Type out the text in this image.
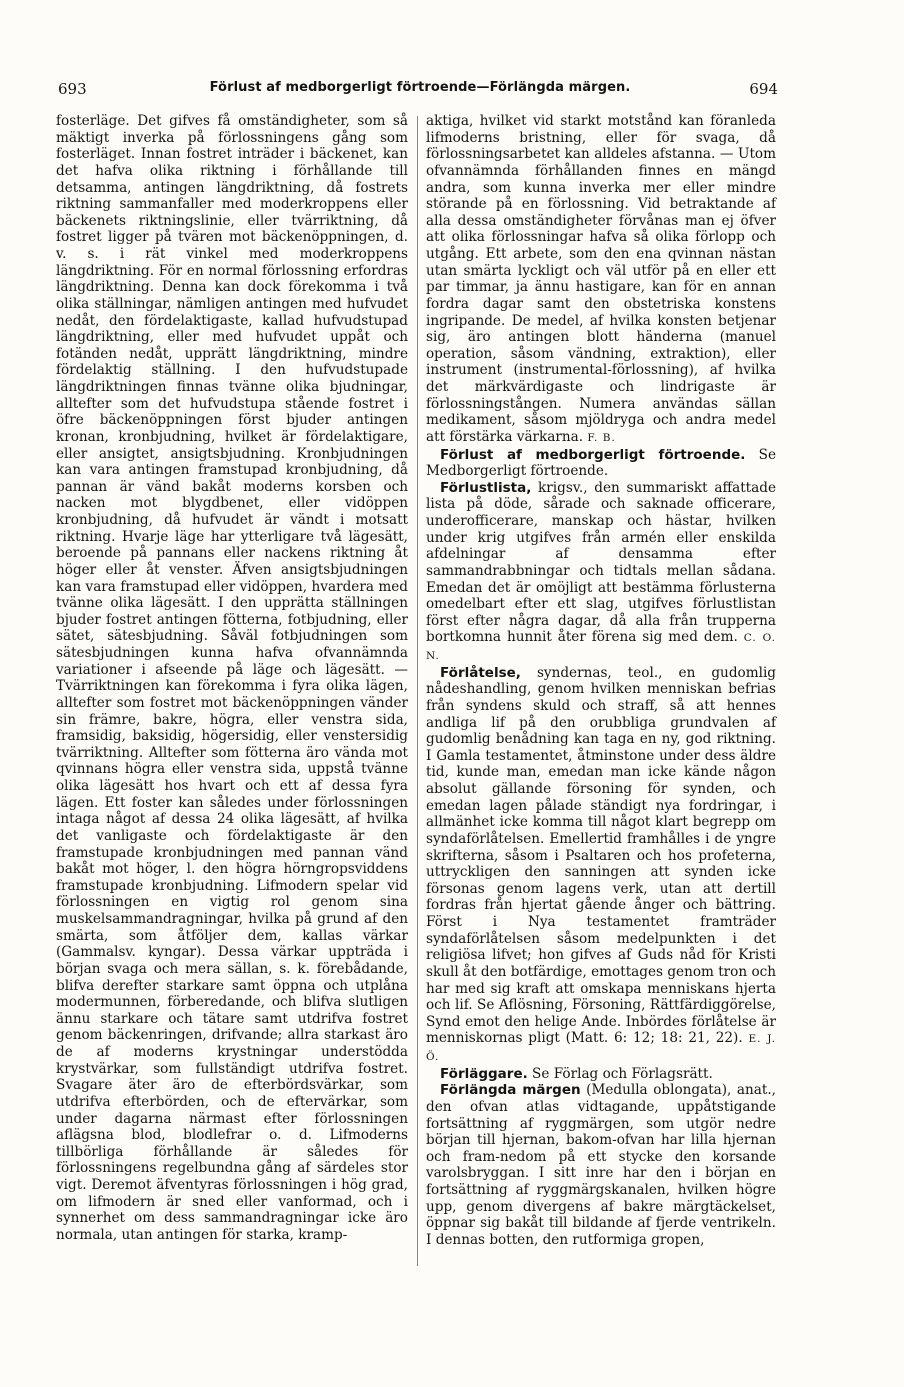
693	Förlust af medborgerligt förtroende—Förlängda märgen.	694

fosterläge. Det gifves få omständigheter, som så mäktigt inverka på förlossningens gång som fosterläget. Innan fostret inträder i bäckenet, kan det hafva olika riktning i förhållande till detsamma, antingen längdriktning, då fostrets riktning sammanfaller med moderkroppens eller bäckenets riktningslinie, eller tvärriktning, då fostret ligger på tvären mot bäckenöppningen, d. v. s. i rät vinkel med moderkroppens längdriktning. För en normal förlossning erfordras längdriktning. Denna kan dock förekomma i två olika ställningar, nämligen antingen med hufvudet nedåt, den fördelaktigaste, kallad hufvudstupad längdriktning, eller med hufvudet uppåt och fotänden nedåt, upprätt längdriktning, mindre fördelaktig ställning. I den hufvudstupade längdriktningen finnas tvänne olika bjudningar, alltefter som det hufvudstupa stående fostret i öfre bäckenöppningen först bjuder antingen kronan, kronbjudning, hvilket är fördelaktigare, eller ansigtet, ansigtsbjudning. Kronbjudningen kan vara antingen framstupad kronbjudning, då pannan är vänd bakåt moderns korsben och nacken mot blygdbenet, eller vidöppen kronbjudning, då hufvudet är vändt i motsatt riktning. Hvarje läge har ytterligare två lägesätt, beroende på pannans eller nackens riktning åt höger eller åt venster. Äfven ansigtsbjudningen kan vara framstupad eller vidöppen, hvardera med tvänne olika lägesätt. I den upprätta ställningen bjuder fostret antingen fötterna, fotbjudning, eller sätet, sätesbjudning. Såväl fotbjudningen som sätesbjudningen kunna hafva ofvannämnda variationer i afseende på läge och lägesätt. — Tvärriktningen kan förekomma i fyra olika lägen, alltefter som fostret mot bäckenöppningen vänder sin främre, bakre, högra, eller venstra sida, framsidig, baksidig, högersidig, eller venstersidig tvärriktning. Alltefter som fötterna äro vända mot qvinnans högra eller venstra sida, uppstå tvänne olika lägesätt hos hvart och ett af dessa fyra lägen. Ett foster kan således under förlossningen intaga något af dessa 24 olika lägesätt, af hvilka det vanligaste och fördelaktigaste är den framstupade kronbjudningen med pannan vänd bakåt mot höger, l. den högra hörngropsviddens framstupade kronbjudning. Lifmodern spelar vid förlossningen en vigtig rol genom sina muskelsammandragningar, hvilka på grund af den smärta, som åtföljer dem, kallas värkar (Gammalsv. kyngar). Dessa värkar uppträda i början svaga och mera sällan, s. k. förebådande, blifva derefter starkare samt öppna och utplåna modermunnen, förberedande, och blifva slutligen ännu starkare och tätare samt utdrifva fostret genom bäckenringen, drifvande; allra starkast äro de af moderns krystningar understödda krystvärkar, som fullständigt utdrifva fostret. Svagare äter äro de efterbördsvärkar, som utdrifva efterbörden, och de eftervärkar, som under dagarna närmast efter förlossningen aflägsna blod, blodlefrar o. d. Lifmoderns tillbörliga förhållande är således för förlossningens regelbundna gång af särdeles stor vigt. Deremot äfventyras förlossningen i hög grad, om lifmodern är sned eller vanformad, och i synnerhet om dess sammandragningar icke äro normala, utan antingen för starka, kramp-

aktiga, hvilket vid starkt motstånd kan föranleda lifmoderns bristning, eller för svaga, då förlossningsarbetet kan alldeles afstanna. — Utom ofvannämnda förhållanden finnes en mängd andra, som kunna inverka mer eller mindre störande på en förlossning. Vid betraktande af alla dessa omständigheter förvånas man ej öfver att olika förlossningar hafva så olika förlopp och utgång. Ett arbete, som den ena qvinnan nästan utan smärta lyckligt och väl utför på en eller ett par timmar, ja ännu hastigare, kan för en annan fordra dagar samt den obstetriska konstens ingripande. De medel, af hvilka konsten betjenar sig, äro antingen blott händerna (manuel operation, såsom vändning, extraktion), eller instrument (instrumental-förlossning), af hvilka det märkvärdigaste och lindrigaste är förlossningstången. Numera användas sällan medikament, såsom mjöldryga och andra medel att förstärka värkarna. F. B.

Förlust af medborgerligt förtroende. Se Medborgerligt förtroende.

Förlustlista, krigsv., den summariskt affattade lista på döde, sårade och saknade officerare, underofficerare, manskap och hästar, hvilken under krig utgifves från armén eller enskilda afdelningar af densamma efter sammandrabbningar och tidtals mellan sådana. Emedan det är omöjligt att bestämma förlusterna omedelbart efter ett slag, utgifves förlustlistan först efter några dagar, då alla från trupperna bortkomna hunnit åter förena sig med dem. C. O. N.

Förlåtelse, syndernas, teol., en gudomlig nådeshandling, genom hvilken menniskan befrias från syndens skuld och straff, så att hennes andliga lif på den orubbliga grundvalen af gudomlig benådning kan taga en ny, god riktning. I Gamla testamentet, åtminstone under dess äldre tid, kunde man, emedan man icke kände någon absolut gällande försoning för synden, och emedan lagen pålade ständigt nya fordringar, i allmänhet icke komma till något klart begrepp om syndaförlåtelsen. Emellertid framhålles i de yngre skrifterna, såsom i Psaltaren och hos profeterna, uttryckligen den sanningen att synden icke försonas genom lagens verk, utan att dertill fordras från hjertat gående ånger och bättring. Först i Nya testamentet framträder syndaförlåtelsen såsom medelpunkten i det religiösa lifvet; hon gifves af Guds nåd för Kristi skull åt den botfärdige, emottages genom tron och har med sig kraft att omskapa menniskans hjerta och lif. Se Aflösning, Försoning, Rättfärdiggörelse, Synd emot den helige Ande. Inbördes förlåtelse är menniskornas pligt (Matt. 6: 12; 18: 21, 22). E. J. Ö.

Förläggare. Se Förlag och Förlagsrätt.

Förlängda märgen (Medulla oblongata), anat., den ofvan atlas vidtagande, uppåtstigande fortsättning af ryggmärgen, som utgör nedre början till hjernan, bakom-ofvan har lilla hjernan och fram-nedom på ett stycke den korsande varolsbryggan. I sitt inre har den i början en fortsättning af ryggmärgskanalen, hvilken högre upp, genom divergens af bakre märgtäckelset, öppnar sig bakåt till bildande af fjerde ventrikeln. I dennas botten, den rutformiga gropen,
